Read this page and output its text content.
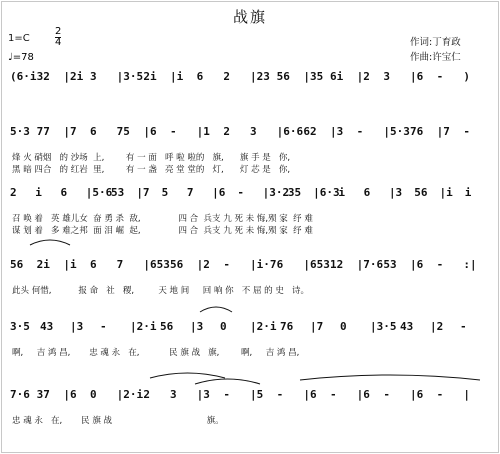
战旗
1=C	$\frac{2}{4}$
♩=78
作词:丁育政
作曲:许宝仁
(6·i 32 |2i 3 |3·5 2i |i 6 2 |23 56 |35 6i |2 3 |6 - )
5·3 77 |7 6 75 |6 - |1 2 3 |6·6 62 |3 - |5·3 76 |7 -
烽 火 硝烟   的 沙场  上,        有 一 面   呼 啦 啦的   旗,      旗 手 是   你,
黑 暗 四合   的 红岩  里,        有 一 盏   亮 堂 堂的   灯,      灯 芯 是   你,
2 i 6 |5·6
53 |7 5 7 |6 - |3·2
35 |6·3
i 6 |3 56 |i i
召 唤 着   英 雄儿女  奋 勇 杀  敌,              四 合  兵支 九 死 未 悔,殒 家  纾 难
谋 划 着   多 难之邦  面 泪 崛  起,              四 合  兵支 九 死 未 悔,殒 家  纾 难
56 2i |i 6 7 |653 56 |2 - |i·7 6 |653 12 |7·6 53 |6 - :|
此头 何惜,          报 命   社   稷,         天 地 间     回 响 你   不 屈 的 史   诗。
3·5 43 |3 - |2·i 56 |3 0 |2·i 76 |7 0 |3·5 43 |2 -
啊,     吉 鸿 昌,       忠 魂 永   在,           民 旗 战   旗,        啊,     吉 鸿 昌,
7·6 37 |6 0 |2·i 2 3 |3 - |5 - |6 - |6 - |6 - |
忠 魂 永   在,       民 旗 战                                   旗。
